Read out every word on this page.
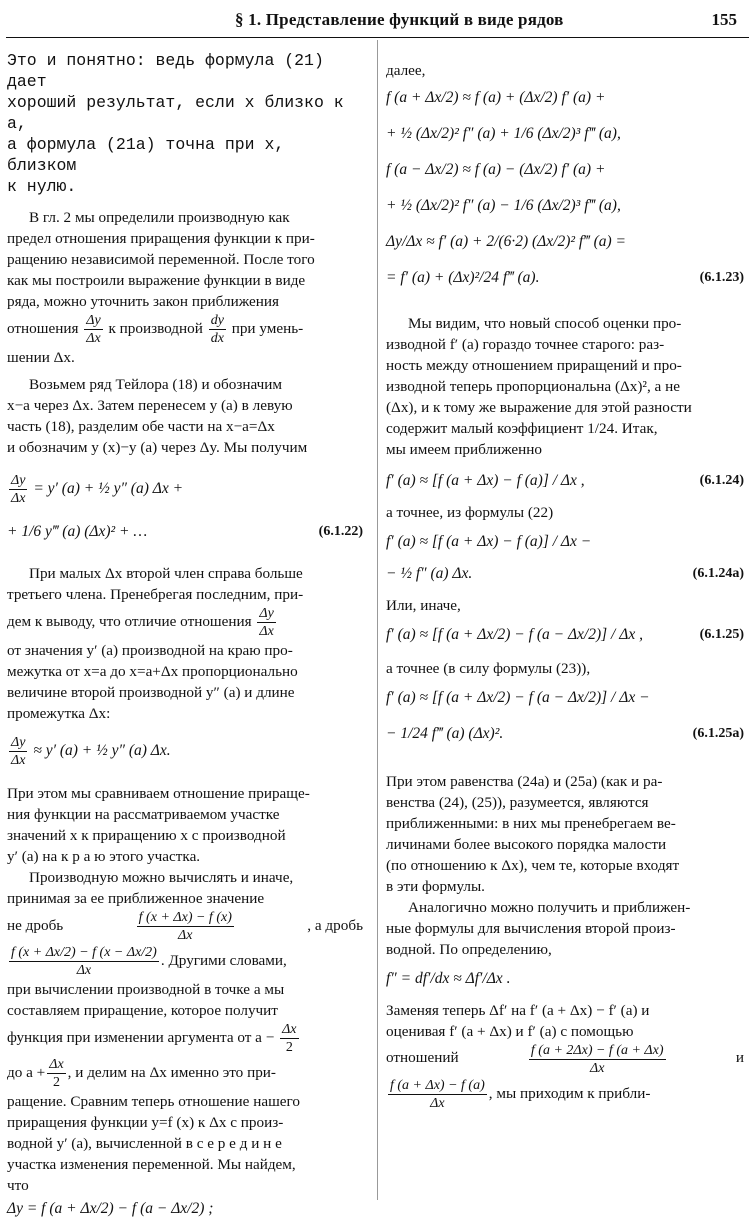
§ 1. Представление функций в виде рядов	155
Это и понятно: ведь формула (21) дает
хороший результат, если x близко к a,
а формула (21а) точна при x, близком
к нулю.
В гл. 2 мы определили производную как
предел отношения приращения функции к при-
ращению независимой переменной. После того
как мы построили выражение функции в виде
ряда, можно уточнить закон приближения
отношения $\frac{\Delta y}{\Delta x}$ к производной $\frac{dy}{dx}$ при умень-
шении Δx.
Возьмем ряд Тейлора (18) и обозначим
x−a через Δx. Затем перенесем y (a) в левую
часть (18), разделим обе части на x−a=Δx
и обозначим y (x)−y (a) через Δy. Мы получим
$\frac{\Delta y}{\Delta x} = y'$ (a) + ½ y″ (a) Δx +
+ 1/6 y‴ (a) (Δx)² + …	(6.1.22)
При малых Δx второй член справа больше
третьего члена. Пренебрегая последним, при-
дем к выводу, что отличие отношения $\frac{\Delta y}{\Delta x}$
от значения y′ (a) производной на краю про-
межутка от x=a до x=a+Δx пропорционально
величине второй производной y″ (a) и длине
промежутка Δx:
$\frac{\Delta y}{\Delta x} \approx y'$ (a) + ½ y″ (a) Δx.
При этом мы сравниваем отношение прираще-
ния функции на рассматриваемом участке
значений x к приращению x с производной
y′ (a) на к р а ю этого участка.
Производную можно вычислять и иначе,
принимая за ее приближенное значение
не дробь	$\frac{f (x + \Delta x) - f (x)}{\Delta x}$	, а дробь
$\frac{f (x + \Delta x/2) - f (x - \Delta x/2)}{\Delta x}$ . Другими словами,
при вычислении производной в точке a мы
составляем приращение, которое получит
функция при изменении аргумента от $a - \frac{\Delta x}{2}$
до $a + \frac{\Delta x}{2}$ , и делим на Δx именно это при-
ращение. Сравним теперь отношение нашего
приращения функции y=f (x) к Δx с произ-
водной y′ (a), вычисленной в с е р е д и н е
участка изменения переменной. Мы найдем,
что
Δy = f (a + Δx/2) − f (a − Δx/2) ;
далее,
f (a + Δx/2) ≈ f (a) + (Δx/2) f′ (a) +
+ ½ (Δx/2)² f″ (a) + 1/6 (Δx/2)³ f‴ (a),
f (a − Δx/2) ≈ f (a) − (Δx/2) f′ (a) +
+ ½ (Δx/2)² f″ (a) − 1/6 (Δx/2)³ f‴ (a),
Δy/Δx ≈ f′ (a) + 2/(6·2) (Δx/2)² f‴ (a) =
= f′ (a) + (Δx)²/24 f‴ (a).	(6.1.23)
Мы видим, что новый способ оценки про-
изводной f′ (a) гораздо точнее старого: раз-
ность между отношением приращений и про-
изводной теперь пропорциональна (Δx)², а не
(Δx), и к тому же выражение для этой разности
содержит малый коэффициент 1/24. Итак,
мы имеем приближенно
f′ (a) ≈ [f (a + Δx) − f (a)] / Δx ,	(6.1.24)
а точнее, из формулы (22)
f′ (a) ≈ [f (a + Δx) − f (a)] / Δx −
− ½ f″ (a) Δx.	(6.1.24a)
Или, иначе,
f′ (a) ≈ [f (a + Δx/2) − f (a − Δx/2)] / Δx ,	(6.1.25)
а точнее (в силу формулы (23)),
f′ (a) ≈ [f (a + Δx/2) − f (a − Δx/2)] / Δx −
− 1/24 f‴ (a) (Δx)².	(6.1.25a)
При этом равенства (24a) и (25a) (как и ра-
венства (24), (25)), разумеется, являются
приближенными: в них мы пренебрегаем ве-
личинами более высокого порядка малости
(по отношению к Δx), чем те, которые входят
в эти формулы.
Аналогично можно получить и приближен-
ные формулы для вычисления второй произ-
водной. По определению,
f″ = df′/dx ≈ Δf′/Δx .
Заменяя теперь Δf′ на f′ (a + Δx) − f′ (a) и
оценивая f′ (a + Δx) и f′ (a) с помощью
отношений	$\frac{f (a + 2\Delta x) - f (a + \Delta x)}{\Delta x}$	и
$\frac{f (a + \Delta x) - f (a)}{\Delta x}$ , мы приходим к прибли-
